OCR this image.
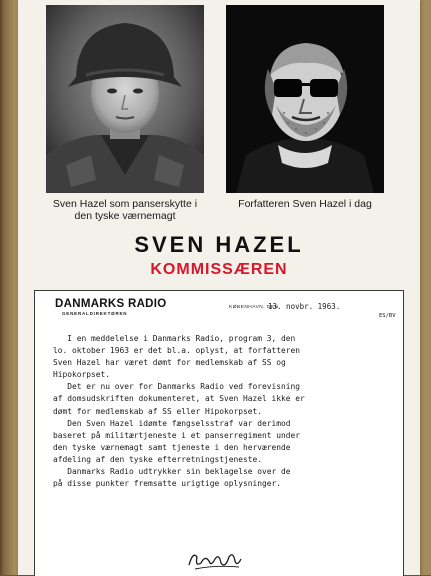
Sven Hazel som panserskytte i
den tyske værnemagt
Forfatteren Sven Hazel i dag
SVEN HAZEL
KOMMISSÆREN
DANMARKS RADIO
GENERALDIREKTØREN
KØBENHAVN, DEN
13. novbr. 1963.
ES/BV
I en meddelelse i Danmarks Radio, program 3, den
lo. oktober 1963 er det bl.a. oplyst, at forfatteren
Sven Hazel har været dømt for medlemskab af SS og
Hipokorpset.
Det er nu over for Danmarks Radio ved forevisning
af domsudskriften dokumenteret, at Sven Hazel ikke er
dømt for medlemskab af SS eller Hipokorpset.
Den Sven Hazel idømte fængselsstraf var derimod
baseret på militærtjeneste i et panserregiment under
den tyske værnemagt samt tjeneste i den herværende
afdeling af den tyske efterretningstjeneste.
Danmarks Radio udtrykker sin beklagelse over de
på disse punkter fremsatte urigtige oplysninger.
